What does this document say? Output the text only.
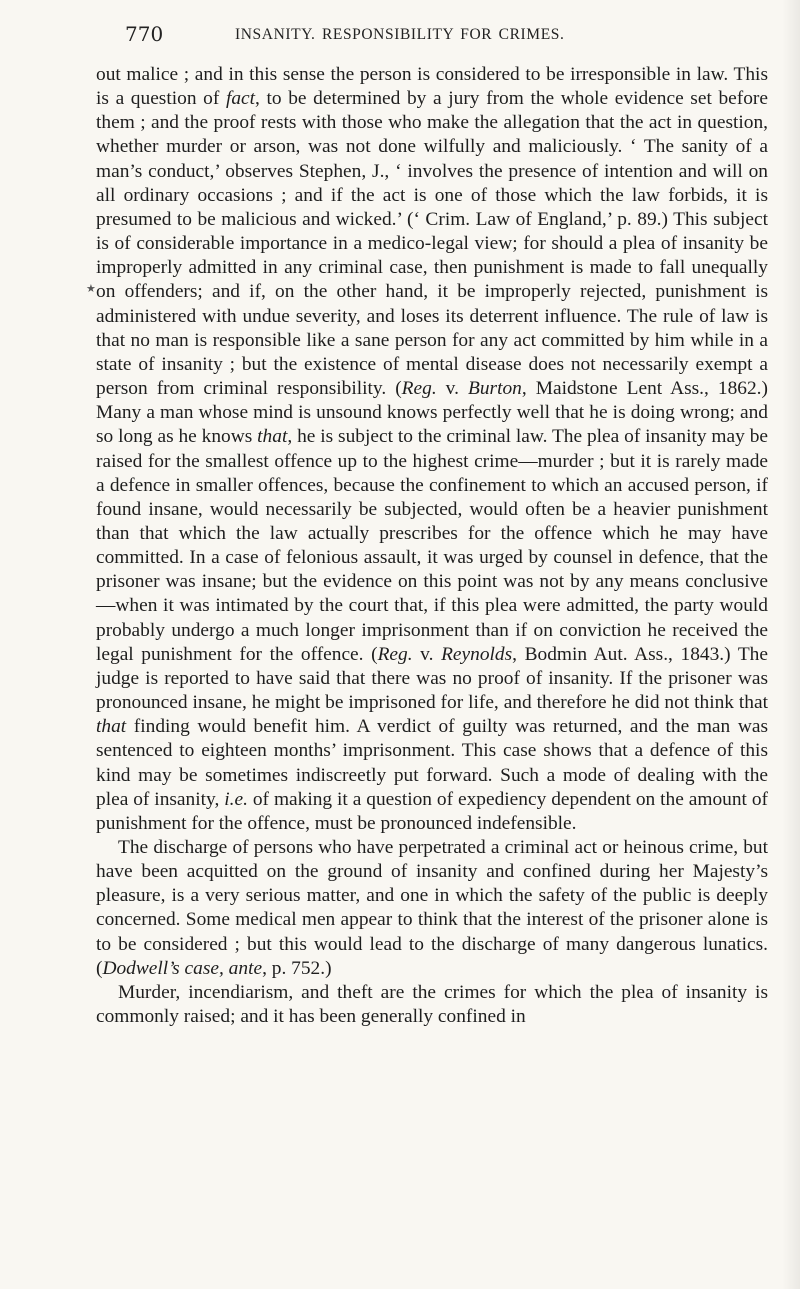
770	INSANITY. RESPONSIBILITY FOR CRIMES.
★

out malice ; and in this sense the person is considered to be irresponsible in law. This is a question of fact, to be determined by a jury from the whole evidence set before them ; and the proof rests with those who make the allegation that the act in question, whether murder or arson, was not done wilfully and maliciously. ‘ The sanity of a man’s conduct,’ observes Stephen, J., ‘ involves the presence of intention and will on all ordinary occasions ; and if the act is one of those which the law forbids, it is presumed to be malicious and wicked.’ (‘ Crim. Law of England,’ p. 89.) This subject is of considerable importance in a medico-legal view; for should a plea of insanity be improperly admitted in any criminal case, then punishment is made to fall unequally on offenders; and if, on the other hand, it be improperly rejected, punishment is administered with undue severity, and loses its deterrent influence. The rule of law is that no man is responsible like a sane person for any act committed by him while in a state of insanity ; but the existence of mental disease does not necessarily exempt a person from criminal responsibility. (Reg. v. Burton, Maidstone Lent Ass., 1862.) Many a man whose mind is unsound knows perfectly well that he is doing wrong; and so long as he knows that, he is subject to the criminal law. The plea of insanity may be raised for the smallest offence up to the highest crime—murder ; but it is rarely made a defence in smaller offences, because the confinement to which an accused person, if found insane, would necessarily be subjected, would often be a heavier punishment than that which the law actually prescribes for the offence which he may have committed. In a case of felonious assault, it was urged by counsel in defence, that the prisoner was insane; but the evidence on this point was not by any means conclusive—when it was intimated by the court that, if this plea were admitted, the party would probably undergo a much longer imprisonment than if on conviction he received the legal punishment for the offence. (Reg. v. Reynolds, Bodmin Aut. Ass., 1843.) The judge is reported to have said that there was no proof of insanity. If the prisoner was pronounced insane, he might be imprisoned for life, and therefore he did not think that that finding would benefit him. A verdict of guilty was returned, and the man was sentenced to eighteen months’ imprisonment. This case shows that a defence of this kind may be sometimes indiscreetly put forward. Such a mode of dealing with the plea of insanity, i.e. of making it a question of expediency dependent on the amount of punishment for the offence, must be pronounced indefensible.

The discharge of persons who have perpetrated a criminal act or heinous crime, but have been acquitted on the ground of insanity and confined during her Majesty’s pleasure, is a very serious matter, and one in which the safety of the public is deeply concerned. Some medical men appear to think that the interest of the prisoner alone is to be considered ; but this would lead to the discharge of many dangerous lunatics. (Dodwell’s case, ante, p. 752.)

Murder, incendiarism, and theft are the crimes for which the plea of insanity is commonly raised; and it has been generally confined in
